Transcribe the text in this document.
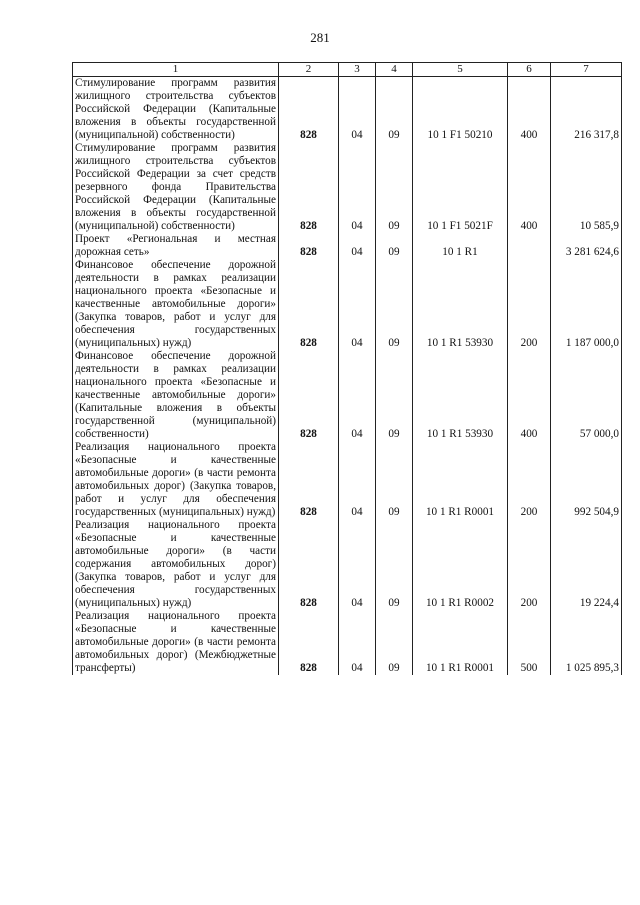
281
1	2	3	4	5	6	7
Стимулирование программ развития жилищного строительства субъектов Российской Федерации (Капитальные вложения в объекты государственной (муниципальной) собственности)	828	04	09	10 1 F1 50210	400	216 317,8
Стимулирование программ развития жилищного строительства субъектов Российской Федерации за счет средств резервного фонда Правительства Российской Федерации (Капитальные вложения в объекты государственной (муниципальной) собственности)	828	04	09	10 1 F1 5021F	400	10 585,9
Проект «Региональная и местная дорожная сеть»	828	04	09	10 1 R1		3 281 624,6
Финансовое обеспечение дорожной деятельности в рамках реализации национального проекта «Безопасные и качественные автомобильные дороги» (Закупка товаров, работ и услуг для обеспечения государственных (муниципальных) нужд)	828	04	09	10 1 R1 53930	200	1 187 000,0
Финансовое обеспечение дорожной деятельности в рамках реализации национального проекта «Безопасные и качественные автомобильные дороги» (Капитальные вложения в объекты государственной (муниципальной) собственности)	828	04	09	10 1 R1 53930	400	57 000,0
Реализация национального проекта «Безопасные и качественные автомобильные дороги» (в части ремонта автомобильных дорог) (Закупка товаров, работ и услуг для обеспечения государственных (муниципальных) нужд)	828	04	09	10 1 R1 R0001	200	992 504,9
Реализация национального проекта «Безопасные и качественные автомобильные дороги» (в части содержания автомобильных дорог) (Закупка товаров, работ и услуг для обеспечения государственных (муниципальных) нужд)	828	04	09	10 1 R1 R0002	200	19 224,4
Реализация национального проекта «Безопасные и качественные автомобильные дороги» (в части ремонта автомобильных дорог) (Межбюджетные трансферты)	828	04	09	10 1 R1 R0001	500	1 025 895,3
